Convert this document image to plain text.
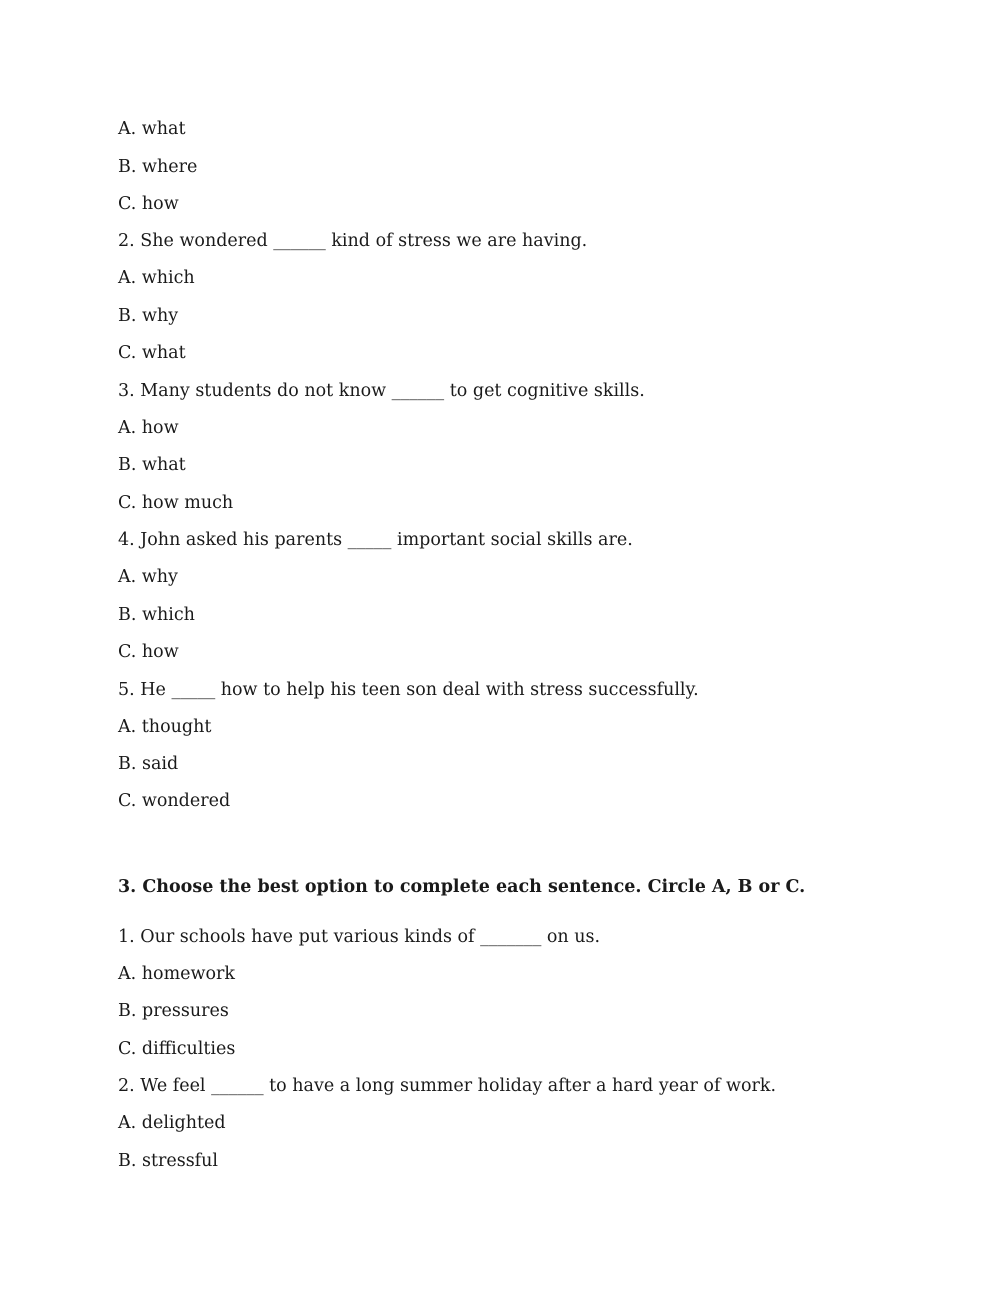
A. what
B. where
C. how
2. She wondered ______ kind of stress we are having.
A. which
B. why
C. what
3. Many students do not know ______ to get cognitive skills.
A. how
B. what
C. how much
4. John asked his parents _____ important social skills are.
A. why
B. which
C. how
5. He _____ how to help his teen son deal with stress successfully.
A. thought
B. said
C. wondered
3. Choose the best option to complete each sentence. Circle A, B or C.
1. Our schools have put various kinds of _______ on us.
A. homework
B. pressures
C. difficulties
2. We feel ______ to have a long summer holiday after a hard year of work.
A. delighted
B. stressful
